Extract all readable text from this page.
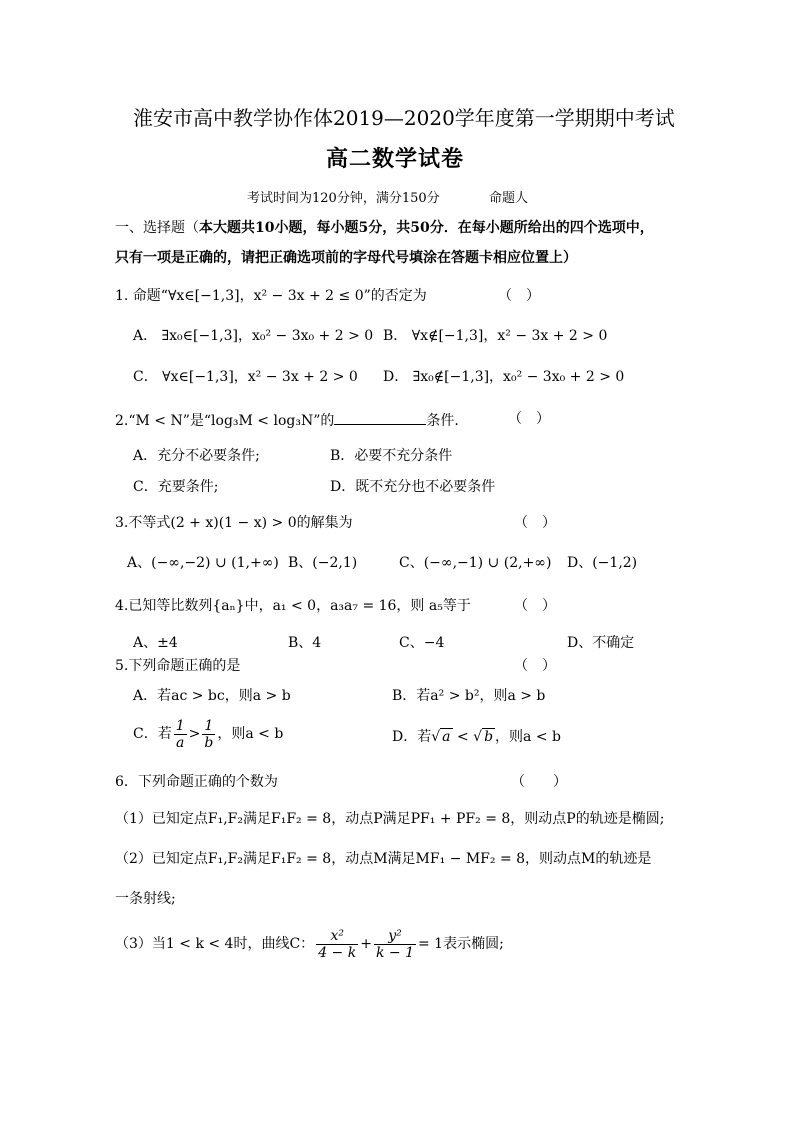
淮安市高中教学协作体2019—2020学年度第一学期期中考试
高二数学试卷
考试时间为120分钟，满分150分	命题人
一、选择题（本大题共10小题，每小题5分，共50分．在每小题所给出的四个选项中，
只有一项是正确的，请把正确选项前的字母代号填涂在答题卡相应位置上）
1. 命题“∀x∈[−1,3]，x² − 3x + 2 ≤ 0”的否定为	（　）
A． ∃x₀∈[−1,3]，x₀² − 3x₀ + 2 > 0 B． ∀x∉[−1,3]，x² − 3x + 2 > 0
C． ∀x∈[−1,3]，x² − 3x + 2 > 0 D． ∃x₀∉[−1,3]，x₀² − 3x₀ + 2 > 0
2.“M < N”是“log₃M < log₃N”的	条件.	（　）
A．充分不必要条件;	B．必要不充分条件
C．充要条件;	D．既不充分也不必要条件
3.不等式(2 + x)(1 − x) > 0的解集为	（　）
A、(−∞,−2) ∪ (1,+∞) B、(−2,1)	C、(−∞,−1) ∪ (2,+∞) D、(−1,2)
4.已知等比数列{aₙ}中，a₁ < 0，a₃a₇ = 16，则 a₅等于	（　）
A、±4	B、4	C、−4	D、不确定
5.下列命题正确的是	（　）
A．若ac > bc，则a > b	B．若a² > b²，则a > b
C．若 $\frac{1}{a} > \frac{1}{b}$ ，则a < b	D．若√ a < √ b ，则a < b
6．下列命题正确的个数为	（　　）
（1）已知定点F₁,F₂满足F₁F₂ = 8，动点P满足PF₁ + PF₂ = 8，则动点P的轨迹是椭圆;
（2）已知定点F₁,F₂满足F₁F₂ = 8，动点M满足MF₁ − MF₂ = 8，则动点M的轨迹是
一条射线;
（3）当1 < k < 4时，曲线C： $\frac{\text{x²}}{4 - k} + \frac{\text{y²}}{k - 1} = 1$表示椭圆;
